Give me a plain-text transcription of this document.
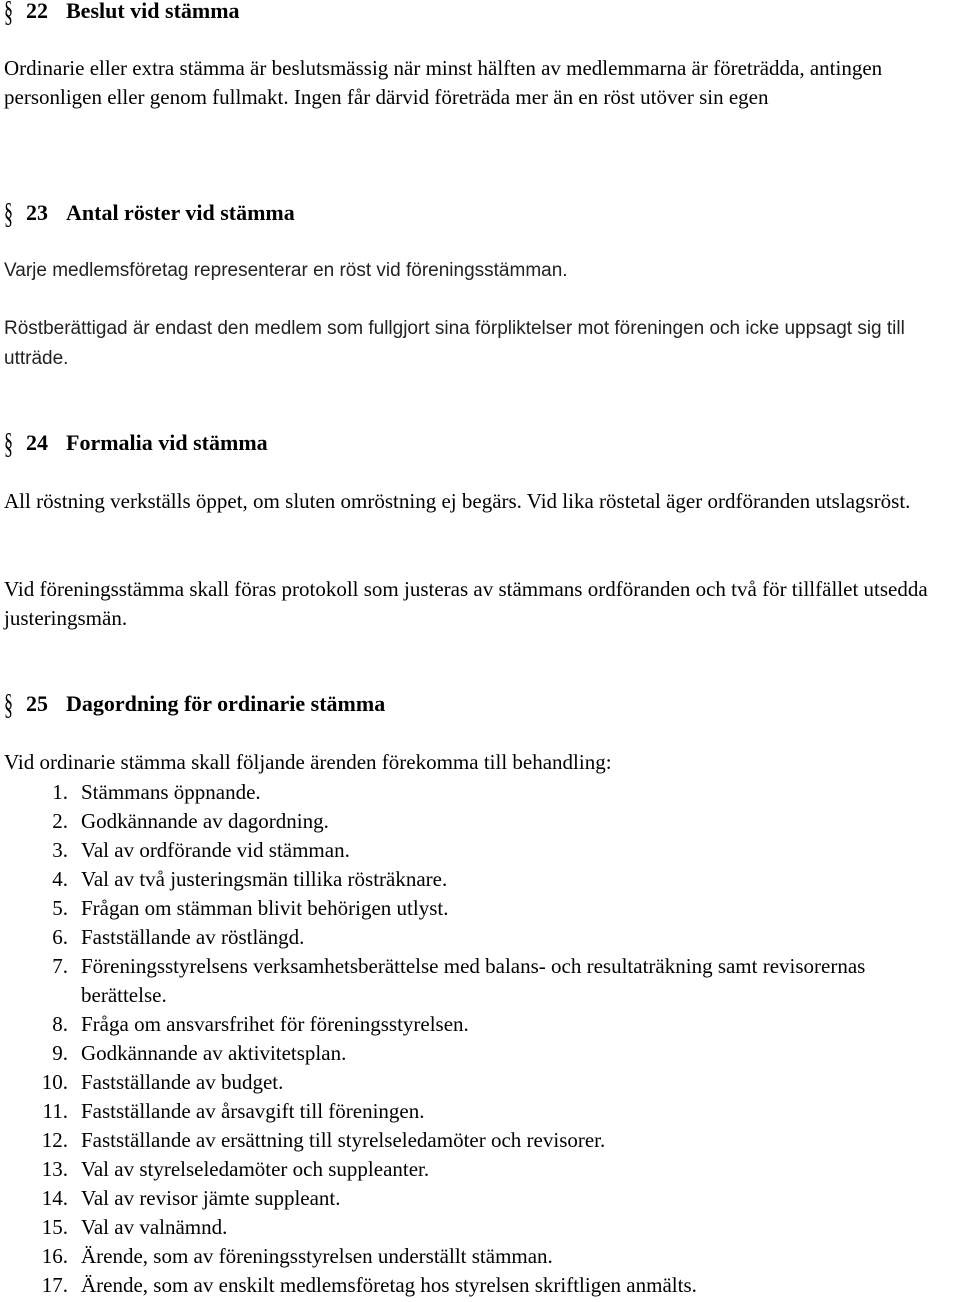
§ 22 Beslut vid stämma
Ordinarie eller extra stämma är beslutsmässig när minst hälften av medlemmarna är företrädda, antingen personligen eller genom fullmakt. Ingen får därvid företräda mer än en röst utöver sin egen
§ 23 Antal röster vid stämma
Varje medlemsföretag representerar en röst vid föreningsstämman.
Röstberättigad är endast den medlem som fullgjort sina förpliktelser mot föreningen och icke uppsagt sig till utträde.
§ 24 Formalia vid stämma
All röstning verkställs öppet, om sluten omröstning ej begärs. Vid lika röstetal äger ordföranden utslagsröst.
Vid föreningsstämma skall föras protokoll som justeras av stämmans ordföranden och två för tillfället utsedda justeringsmän.
§ 25 Dagordning för ordinarie stämma
Vid ordinarie stämma skall följande ärenden förekomma till behandling:
1. Stämmans öppnande.
2. Godkännande av dagordning.
3. Val av ordförande vid stämman.
4. Val av två justeringsmän tillika rösträknare.
5. Frågan om stämman blivit behörigen utlyst.
6. Fastställande av röstlängd.
7. Föreningsstyrelsens verksamhetsberättelse med balans- och resultaträkning samt revisorernas berättelse.
8. Fråga om ansvarsfrihet för föreningsstyrelsen.
9. Godkännande av aktivitetsplan.
10. Fastställande av budget.
11. Fastställande av årsavgift till föreningen.
12. Fastställande av ersättning till styrelseledamöter och revisorer.
13. Val av styrelseledamöter och suppleanter.
14. Val av revisor jämte suppleant.
15. Val av valnämnd.
16. Ärende, som av föreningsstyrelsen underställt stämman.
17. Ärende, som av enskilt medlemsföretag hos styrelsen skriftligen anmälts.
